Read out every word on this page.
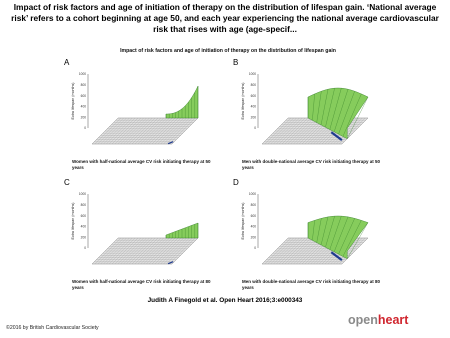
Impact of risk factors and age of initiation of therapy on the distribution of lifespan gain. ‘National average risk’ refers to a cohort beginning at age 50, and each year experiencing the national average cardiovascular risk that rises with age (age-specif...
Impact of risk factors and age of initiation of therapy on the distribution of lifespan gain
A
1000
800
600
400
200
0
Extra lifespan (months)
Women with half-national average CV risk initiating therapy at 50 years
B
1000
800
600
400
200
0
Extra lifespan (months)
Men with double-national average CV risk initiating therapy at 50 years
C
1000
800
600
400
200
0
Extra lifespan (months)
Women with half-national average CV risk initiating therapy at 80 years
D
1000
800
600
400
200
0
Extra lifespan (months)
Men with double-national average CV risk initiating therapy at 80 years
Judith A Finegold et al. Open Heart 2016;3:e000343
©2016 by British Cardiovascular Society
openheart
